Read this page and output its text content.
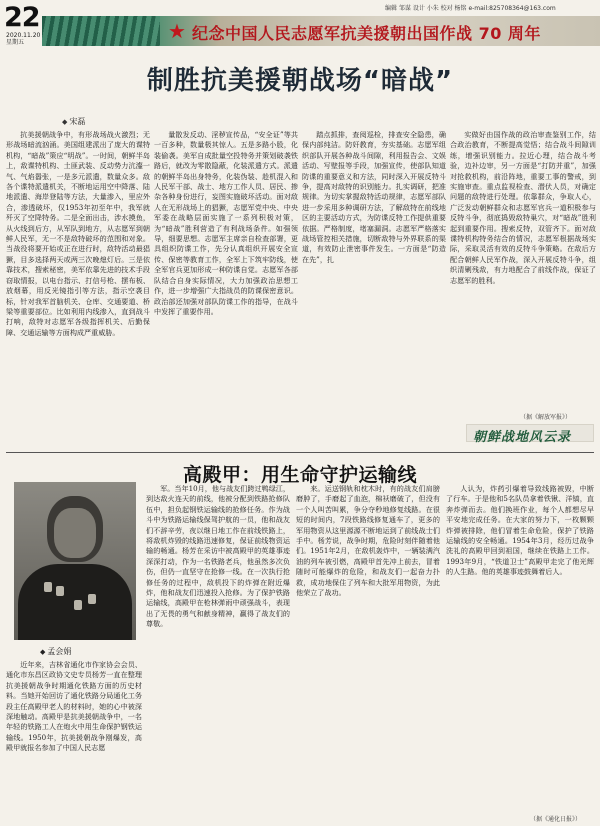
22
2020.11.20
星期五
编辑 邹谋 设计 小朱 校对 杨铭 e-mail:825708364@163.com
★ 纪念中国人民志愿军抗美援朝出国作战 70 周年
制胜抗美援朝战场“暗战”
◆ 宋磊

抗美援朝战争中，有形战场战火激烈；无形战场暗流汹涌。美国组建派出了庞大的谍特机构，“暗战”策应“明战”。一时间，朝鲜半岛上，敌谍特机构、土匪武装、反动势力沆瀣一气、气焰嚣张，一是多元派遣，数量众多。敌各个谍特派遣机关，不断地运用空中降落、陆地派遣、海岸登陆等方法，大量渗入，里应外合，渗透破坏，仅1953年初至年中，我军就歼灭了空降特务。二是全面出击，涉水摸鱼，从火线到后方，从军队到地方，从志愿军到朝鲜人民军，无一不是敌特破坏的范围和对象。当战役将要开始或正在进行时，敌特活动最猖獗，目多选择两天或两三次晚熄灯后。三是依靠技术，搜索秘密，美军依靠先进的技术手段窃取情报，以电台指示、打信号枪、摆布板、放烟幕，用反光镜指引等方法，指示空袭目标，针对我军首脑机关、仓库、交通要道、桥梁等重要部位。比如利用内线渗入，直到战斗打响，敌特对志愿军各级指挥机关、后勤保障、交通运输等方面构成严重威胁。

量散发反动、淫秽宣传品，“安全证”等共一百多种，数量极其惊人。五是多路小股，化装偷袭。美军自成批量空投特务并策划破袭铁路后，就改为零散隐蔽，化装派遣方式。派遣的朝鲜半岛出身特务，化装伪装、趁机混入和人民军干部、战士、地方工作人员、居民、掺杂各种身份进行，妄图实施破坏活动。面对敌人在无形战场上的猖獗，志愿军党中央、中央军委在战略层面实施了一系列积极对策，为“暗战”胜利营造了有利战场条件。如强领导，细要思想。志愿军主席亲自检查部署，更具组织防谍工作，先分认真组织开展安全宣传、保密等教育工作，全军上下筑牢防线，使全军官兵更加形成一种防谍自觉。志愿军各部队结合自身实际情况，大力加强政治思想工作，进一步增强广大指战员的防谍保密意识。政治部还加强对部队防谍工作的指导，在战斗中发挥了重要作用。

踏点抓排，查阅巡检，排查安全隐患，确保内部纯洁。防奸教育，夯实基础。志愿军组织部队开展各种战斗间隙，利用报告会、文娱活动、写壁报等手段，加强宣传，使部队知道防谍的重要意义和方法，同时深入开展反特斗争，提高对敌特的识别能力。扎实调研，把准规律。为切实掌握敌特活动规律，志愿军部队进一步采用多种调研方法，了解敌特在前线地区的主要活动方式，为防谍反特工作提供重要依据。严格制度，堵塞漏洞。志愿军严格落实战场管控相关措施，切断敌特与外界联系的渠道，有效防止泄密事件发生。一方面是“防造在先”，扎

实做好由国作战的政治审查鉴别工作，结合政治教育，不断提高觉悟；结合战斗间隙训练，增强识别能力。拉近心理，结合战斗考验，边补边审，另一方面是“打防并重”，加强对抢救机构，前沿阵地，重要工事的警戒，到实施审查。重点监视检查、潜伏人员，对确定问题的敌特进行处理。依靠群众，争取人心，广泛发动朝鲜群众和志愿军官兵一道积极参与反特斗争，彻底捣毁敌特巢穴，对“暗战”胜利起到重要作用。搜索反特，双管齐下。面对敌谍特机构特务结合的情况，志愿军根据战场实际，采取灵活有效的反特斗争策略。在敌后方配合朝鲜人民军作战，深入开展反特斗争，组织清剿残敌，有力地配合了前线作战，保证了志愿军的胜利。

（据《解放军报》）
朝鲜战地风云录
高殿甲：用生命守护运输线
◆ 孟会娟

近年来，吉林省通化市作家协会会员、通化市东昌区政协文史专员杨芳一直在整理抗美援朝战争时期通化铁路方面的历史材料。当她开始回访了通化铁路分局通化工务段主任高殿甲老人的材料时，她的心中被深深地触动。高殿甲是抗美援朝战争中，一名年轻的铁路工人在炮火中用生命保护钢铁运输线。1950年，抗美援朝战争刚爆发，高殿甲就报名参加了中国人民志愿

军。当年10月，他与战友们跨过鸭绿江，到达敌火连天的前线，他被分配到铁路抢修队伍中，担负起钢铁运输线的抢修任务。作为战斗中为铁路运输线保驾护航的一员，他和战友们不辞辛劳，夜以继日地工作在前线铁路上，将敌机炸毁的线路迅速修复，保证前线物资运输的畅通。杨芳在采访中被高殿甲的英雄事迹深深打动，作为一名铁路老兵，他虽然多次负伤，但仍一直坚守在抢修一线。在一次执行抢修任务的过程中，敌机投下的炸弹在附近爆炸，他和战友们迅速投入抢修。为了保护铁路运输线，高殿甲在枪林弹雨中顽强战斗，表现出了无畏的勇气和献身精神，赢得了战友们的尊敬。

来。运送钢轨和枕木时，有的战友们肩膀磨肿了，手磨起了血泡，棉袄磨破了，但没有一个人叫苦叫累，争分夺秒地修复线路。在很短的时间内，7段铁路线修复通车了，更多的军用物资从这里源源不断地运到了前线战士们手中。杨芳说，战争时期，危险时刻伴随着他们。1951年2月，在敌机轰炸中，一辆装满汽油的列车被引燃，高殿甲首先冲上前去，冒着随时可能爆炸的危险，和战友们一起奋力扑救，成功地保住了列车和大批军用物资，为此他荣立了战功。

人认为，炸药引爆着导致线路被毁，中断了行车。于是他和5名队员拿着铁锹、洋镐，直奔炸弹而去。他们换班作业，每个人都想尽早平安地完成任务。在大家的努力下，一枚颗颗炸弹被排除，他们冒着生命危险，保护了铁路运输线的安全畅通。1954年3月，经历过战争洗礼的高殿甲回到祖国，继续在铁路上工作。1993年9月，“铁道卫士”高殿甲走完了他光辉的人生路。他的英雄事迹鼓舞着后人。

（据《通化日报》）
